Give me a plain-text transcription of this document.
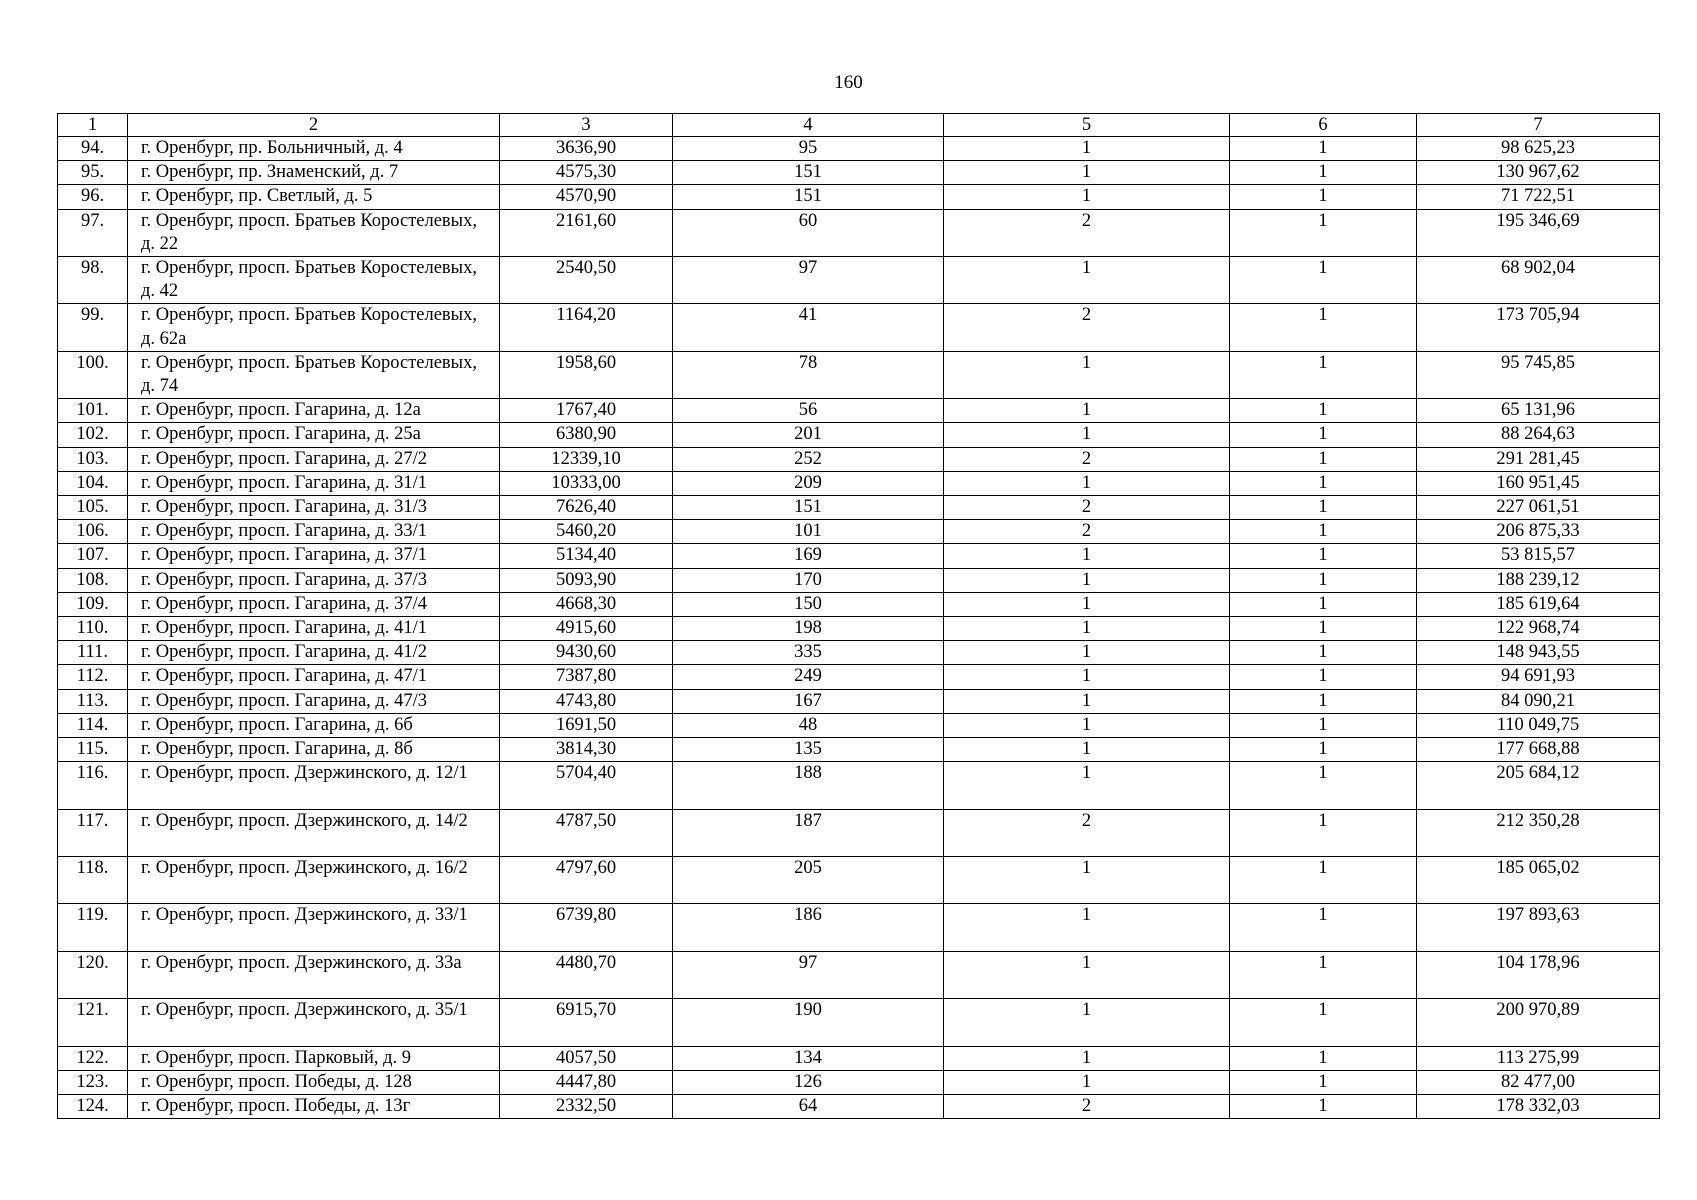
160
1	2	3	4	5	6	7
94.	г. Оренбург, пр. Больничный, д. 4	3636,90	95	1	1	98 625,23
95.	г. Оренбург, пр. Знаменский, д. 7	4575,30	151	1	1	130 967,62
96.	г. Оренбург, пр. Светлый, д. 5	4570,90	151	1	1	71 722,51
97.	г. Оренбург, просп. Братьев Коростелевых, д. 22	2161,60	60	2	1	195 346,69
98.	г. Оренбург, просп. Братьев Коростелевых, д. 42	2540,50	97	1	1	68 902,04
99.	г. Оренбург, просп. Братьев Коростелевых, д. 62а	1164,20	41	2	1	173 705,94
100.	г. Оренбург, просп. Братьев Коростелевых, д. 74	1958,60	78	1	1	95 745,85
101.	г. Оренбург, просп. Гагарина, д. 12а	1767,40	56	1	1	65 131,96
102.	г. Оренбург, просп. Гагарина, д. 25а	6380,90	201	1	1	88 264,63
103.	г. Оренбург, просп. Гагарина, д. 27/2	12339,10	252	2	1	291 281,45
104.	г. Оренбург, просп. Гагарина, д. 31/1	10333,00	209	1	1	160 951,45
105.	г. Оренбург, просп. Гагарина, д. 31/3	7626,40	151	2	1	227 061,51
106.	г. Оренбург, просп. Гагарина, д. 33/1	5460,20	101	2	1	206 875,33
107.	г. Оренбург, просп. Гагарина, д. 37/1	5134,40	169	1	1	53 815,57
108.	г. Оренбург, просп. Гагарина, д. 37/3	5093,90	170	1	1	188 239,12
109.	г. Оренбург, просп. Гагарина, д. 37/4	4668,30	150	1	1	185 619,64
110.	г. Оренбург, просп. Гагарина, д. 41/1	4915,60	198	1	1	122 968,74
111.	г. Оренбург, просп. Гагарина, д. 41/2	9430,60	335	1	1	148 943,55
112.	г. Оренбург, просп. Гагарина, д. 47/1	7387,80	249	1	1	94 691,93
113.	г. Оренбург, просп. Гагарина, д. 47/3	4743,80	167	1	1	84 090,21
114.	г. Оренбург, просп. Гагарина, д. 6б	1691,50	48	1	1	110 049,75
115.	г. Оренбург, просп. Гагарина, д. 8б	3814,30	135	1	1	177 668,88
116.	г. Оренбург, просп. Дзержинского, д. 12/1	5704,40	188	1	1	205 684,12
117.	г. Оренбург, просп. Дзержинского, д. 14/2	4787,50	187	2	1	212 350,28
118.	г. Оренбург, просп. Дзержинского, д. 16/2	4797,60	205	1	1	185 065,02
119.	г. Оренбург, просп. Дзержинского, д. 33/1	6739,80	186	1	1	197 893,63
120.	г. Оренбург, просп. Дзержинского, д. 33а	4480,70	97	1	1	104 178,96
121.	г. Оренбург, просп. Дзержинского, д. 35/1	6915,70	190	1	1	200 970,89
122.	г. Оренбург, просп. Парковый, д. 9	4057,50	134	1	1	113 275,99
123.	г. Оренбург, просп. Победы, д. 128	4447,80	126	1	1	82 477,00
124.	г. Оренбург, просп. Победы, д. 13г	2332,50	64	2	1	178 332,03
